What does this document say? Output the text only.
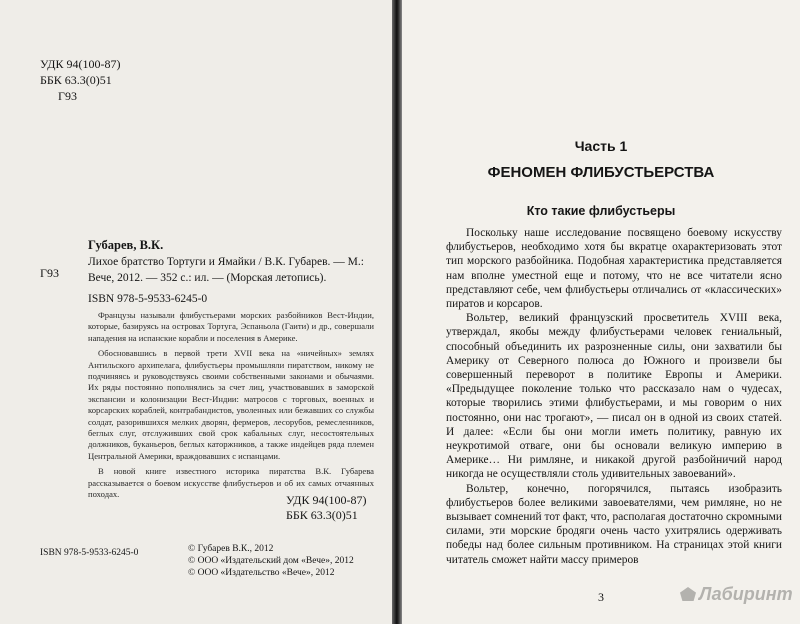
УДК 94(100-87)
ББК 63.3(0)51
Г93
Г93
Губарев, В.К.
Лихое братство Тортуги и Ямайки / В.К. Губарев. — М.: Вече, 2012. — 352 с.: ил. — (Морская летопись).
ISBN 978-5-9533-6245-0

Французы называли флибустьерами морских разбойников Вест-Индии, которые, базируясь на островах Тортуга, Эспаньола (Гаити) и др., совершали нападения на испанские корабли и поселения в Америке.

Обосновавшись в первой трети XVII века на «ничейных» землях Антильского архипелага, флибустьеры промышляли пиратством, никому не подчиняясь и руководствуясь своими собственными законами и обычаями. Их ряды постоянно пополнялись за счет лиц, участвовавших в заморской экспансии и колонизации Вест-Индии: матросов с торговых, военных и корсарских кораблей, контрабандистов, уволенных или бежавших со службы солдат, разорившихся мелких дворян, фермеров, лесорубов, ремесленников, беглых слуг, отслуживших свой срок кабальных слуг, несостоятельных должников, буканьеров, беглых каторжников, а также индейцев ряда племен Центральной Америки, враждовавших с испанцами.

В новой книге известного историка пиратства В.К. Губарева рассказывается о боевом искусстве флибустьеров и об их самых отчаянных походах.	УДК 94(100-87)
ББК 63.3(0)51
ISBN 978-5-9533-6245-0	© Губарев В.К., 2012
© ООО «Издательский дом «Вече», 2012
© ООО «Издательство «Вече», 2012
Часть 1
ФЕНОМЕН ФЛИБУСТЬЕРСТВА
Кто такие флибустьеры

Поскольку наше исследование посвящено боевому искусству флибустьеров, необходимо хотя бы вкратце охарактеризовать этот тип морского разбойника. Подобная характеристика представляется нам вполне уместной еще и потому, что не все читатели ясно представляют себе, чем флибустьеры отличались от «классических» пиратов и корсаров.

Вольтер, великий французский просветитель XVIII века, утверждал, якобы между флибустьерами человек гениальный, способный объединить их разрозненные силы, они захватили бы Америку от Северного полюса до Южного и произвели бы совершенный переворот в политике Европы и Америки. «Предыдущее поколение только что рассказало нам о чудесах, которые творились этими флибустьерами, и мы говорим о них постоянно, они нас трогают», — писал он в одной из своих статей. И далее: «Если бы они могли иметь политику, равную их неукротимой отваге, они бы основали великую империю в Америке… Ни римляне, и никакой другой разбойничий народ никогда не осуществляли столь удивительных завоеваний».

Вольтер, конечно, погорячился, пытаясь изобразить флибустьеров более великими завоевателями, чем римляне, но не вызывает сомнений тот факт, что, располагая достаточно скромными силами, эти морские бродяги очень часто ухитрялись одерживать победы над более сильным противником. На страницах этой книги читатель сможет найти массу примеров

3	Лабиринт
